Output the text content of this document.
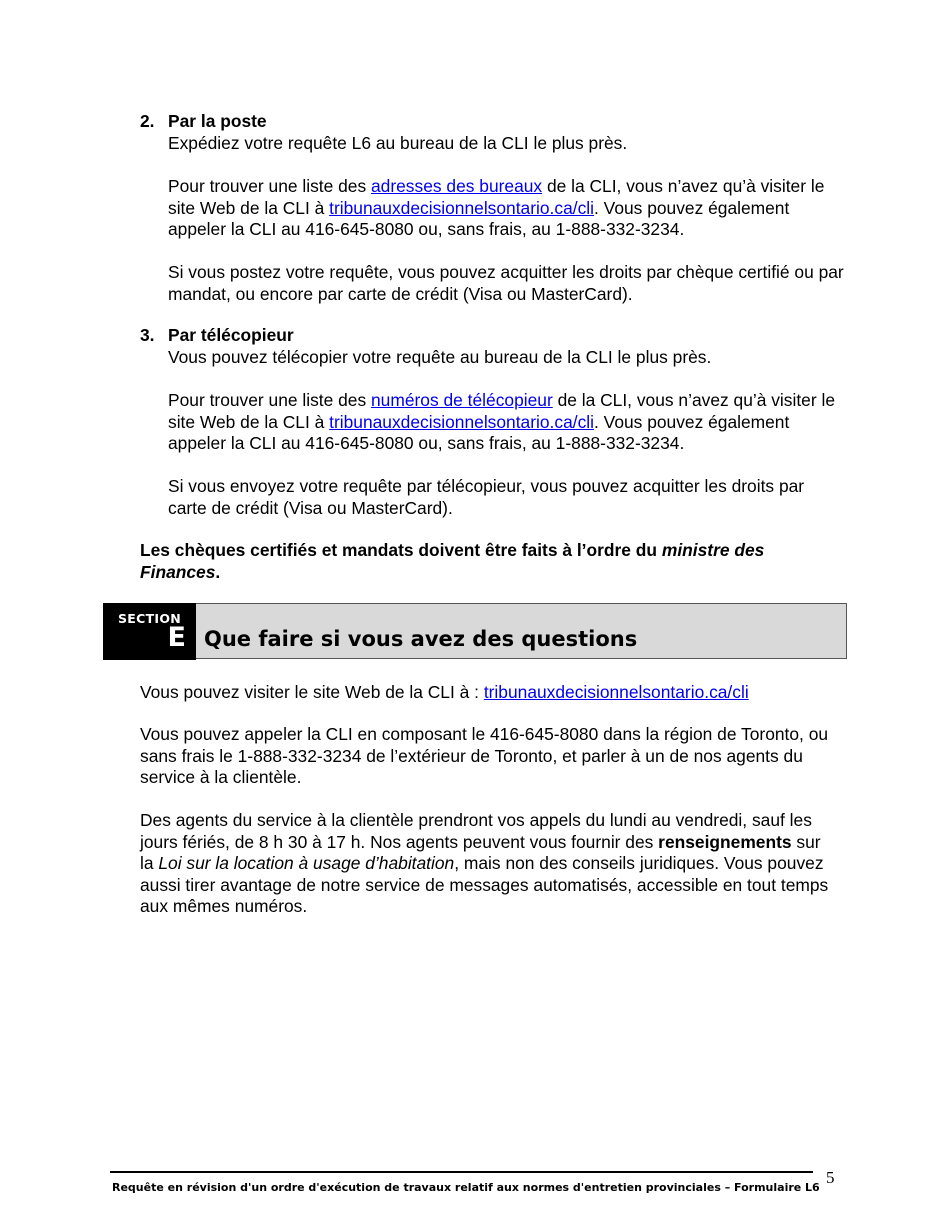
2. Par la poste

Expédiez votre requête L6 au bureau de la CLI le plus près.

Pour trouver une liste des adresses des bureaux de la CLI, vous n’avez qu’à visiter le site Web de la CLI à tribunauxdecisionnelsontario.ca/cli. Vous pouvez également appeler la CLI au 416-645-8080 ou, sans frais, au 1-888-332-3234.

Si vous postez votre requête, vous pouvez acquitter les droits par chèque certifié ou par mandat, ou encore par carte de crédit (Visa ou MasterCard).

3. Par télécopieur

Vous pouvez télécopier votre requête au bureau de la CLI le plus près.

Pour trouver une liste des numéros de télécopieur de la CLI, vous n’avez qu’à visiter le site Web de la CLI à tribunauxdecisionnelsontario.ca/cli. Vous pouvez également appeler la CLI au 416-645-8080 ou, sans frais, au 1-888-332-3234.

Si vous envoyez votre requête par télécopieur, vous pouvez acquitter les droits par carte de crédit (Visa ou MasterCard).

Les chèques certifiés et mandats doivent être faits à l’ordre du ministre des Finances.

SECTION
E Que faire si vous avez des questions

Vous pouvez visiter le site Web de la CLI à : tribunauxdecisionnelsontario.ca/cli

Vous pouvez appeler la CLI en composant le 416-645-8080 dans la région de Toronto, ou sans frais le 1-888-332-3234 de l’extérieur de Toronto, et parler à un de nos agents du service à la clientèle.

Des agents du service à la clientèle prendront vos appels du lundi au vendredi, sauf les jours fériés, de 8 h 30 à 17 h. Nos agents peuvent vous fournir des renseignements sur la Loi sur la location à usage d’habitation, mais non des conseils juridiques. Vous pouvez aussi tirer avantage de notre service de messages automatisés, accessible en tout temps aux mêmes numéros.

Requête en révision d'un ordre d'exécution de travaux relatif aux normes d'entretien provinciales – Formulaire L6
5
